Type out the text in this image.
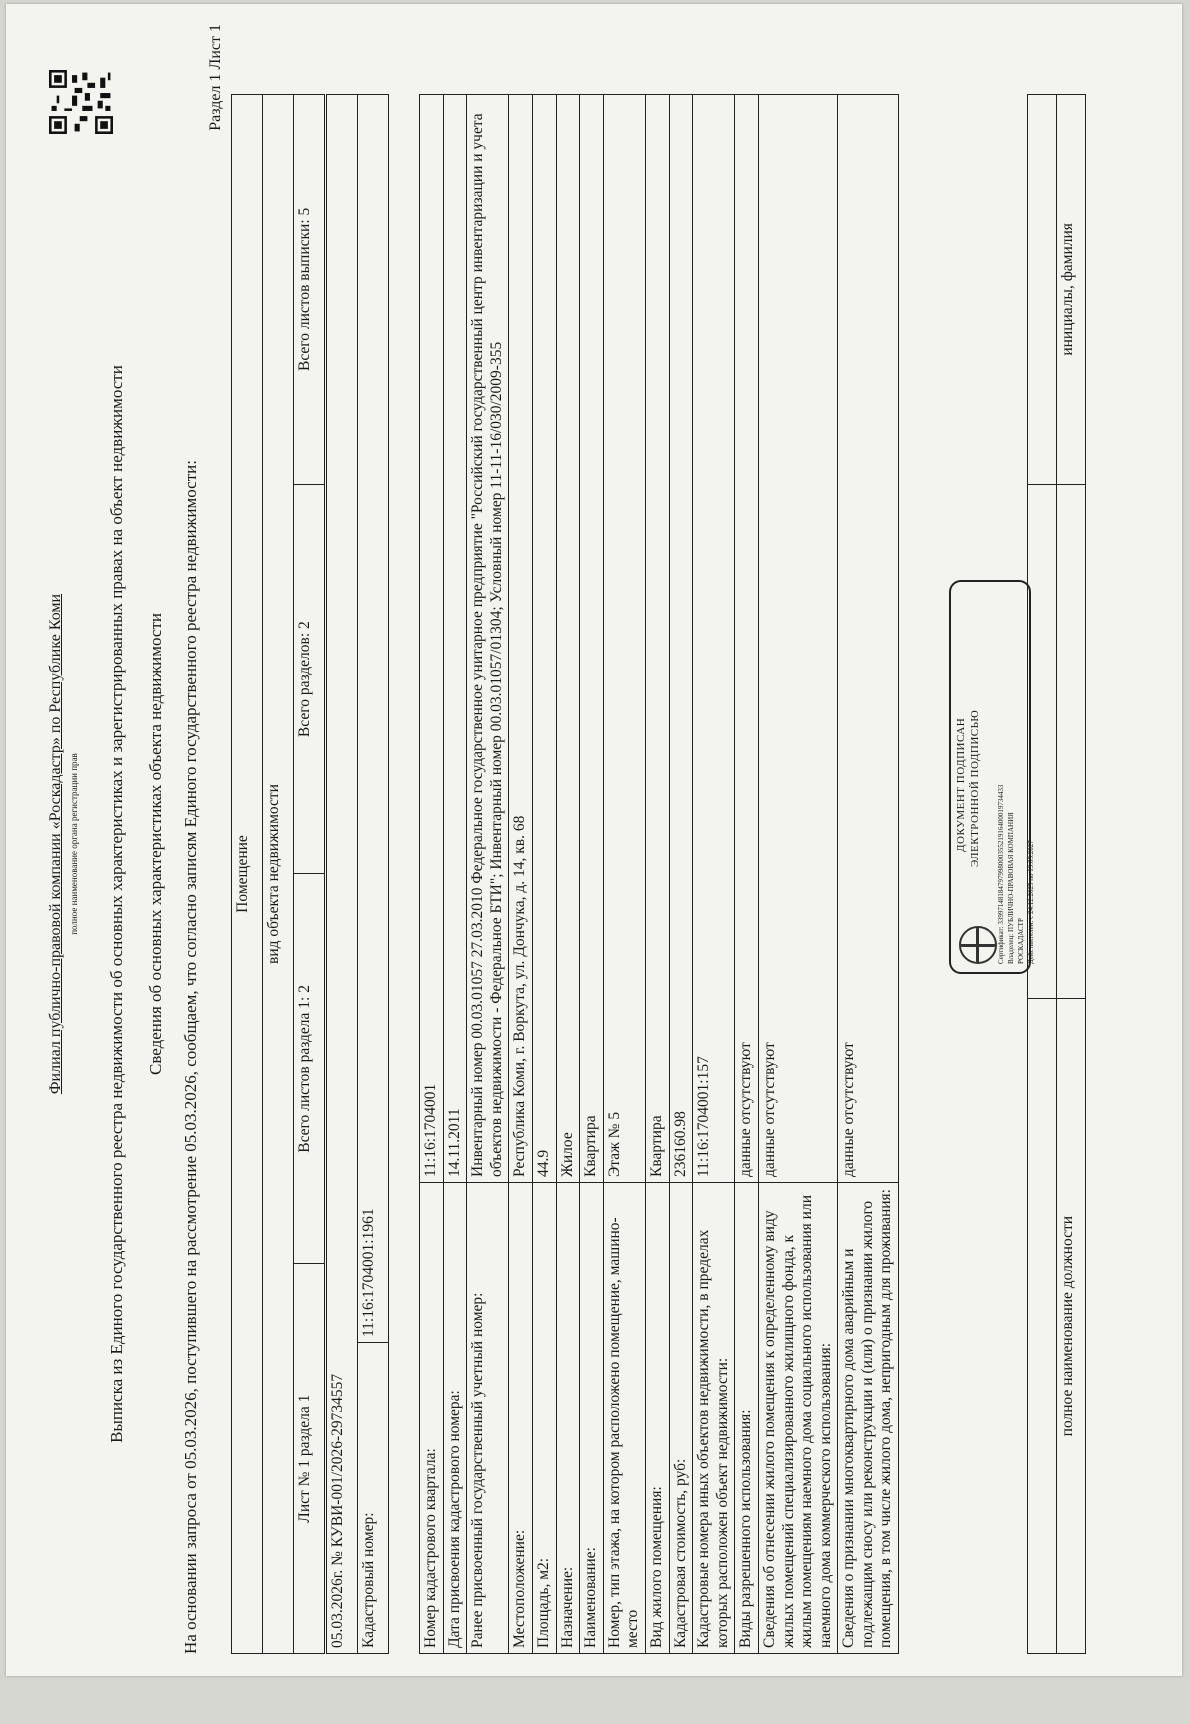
Филиал публично-правовой компании «Роскадастр» по Республике Коми полное наименование органа регистрации прав Выписка из Единого государственного реестра недвижимости об основных характеристиках и зарегистрированных правах на объект недвижимости Сведения об основных характеристиках объекта недвижимости На основании запроса от 05.03.2026, поступившего на рассмотрение 05.03.2026, сообщаем, что согласно записям Единого государственного реестра недвижимости:
Раздел 1 Лист 1
Помещение
вид объекта недвижимости
Лист № 1 раздела 1	Всего листов раздела 1: 2	Всего разделов: 2	Всего листов выписки: 5
05.03.2026г. № КУВИ-001/2026-29734557
Кадастровый номер:	11:16:1704001:1961
Номер кадастрового квартала:	11:16:1704001
Дата присвоения кадастрового номера:	14.11.2011
Ранее присвоенный государственный учетный номер:	Инвентарный номер 00.03.01057 27.03.2010 Федеральное государственное унитарное предприятие "Российский государственный центр инвентаризации и учета объектов недвижимости - Федеральное БТИ"; Инвентарный номер 00.03.01057/01304; Условный номер 11-11-16/030/2009-355
Местоположение:	Республика Коми, г. Воркута, ул. Дончука, д. 14, кв. 68
Площадь, м2:	44.9
Назначение:	Жилое
Наименование:	Квартира
Номер, тип этажа, на котором расположено помещение, машино-место	Этаж № 5
Вид жилого помещения:	Квартира
Кадастровая стоимость, руб:	236160.98
Кадастровые номера иных объектов недвижимости, в пределах которых расположен объект недвижимости:	11:16:1704001:157
Виды разрешенного использования:	данные отсутствуют
Сведения об отнесении жилого помещения к определенному виду жилых помещений специализированного жилищного фонда, к жилым помещениям наемного дома социального использования или наемного дома коммерческого использования:	данные отсутствуют
Сведения о признании многоквартирного дома аварийным и подлежащим сносу или реконструкции и (или) о признании жилого помещения, в том числе жилого дома, непригодным для проживания:	данные отсутствуют
ДОКУМЕНТ ПОДПИСАН ЭЛЕКТРОННОЙ ПОДПИСЬЮ Сертификат: 3399714818479799800035521916400019734433 Владелец: ПУБЛИЧНО-ПРАВОВАЯ КОМПАНИЯ РОСКАДАСТР Действителен: с 24.12.2025 по 19.03.2027

полное наименование должности		инициалы, фамилия
